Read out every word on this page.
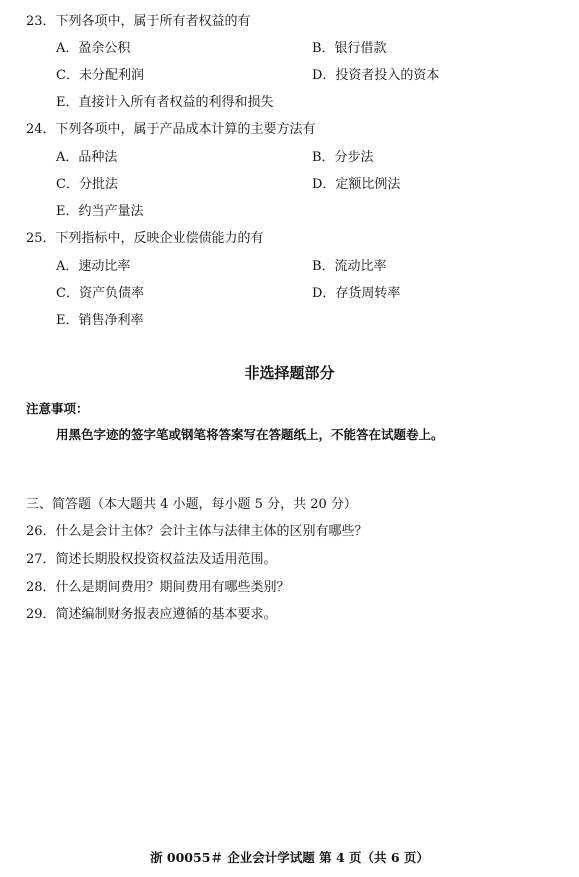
23．下列各项中，属于所有者权益的有
A．盈余公积	B．银行借款
C．未分配利润	D．投资者投入的资本
E．直接计入所有者权益的利得和损失
24．下列各项中，属于产品成本计算的主要方法有
A．品种法	B．分步法
C．分批法	D．定额比例法
E．约当产量法
25．下列指标中，反映企业偿债能力的有
A．速动比率	B．流动比率
C．资产负债率	D．存货周转率
E．销售净利率
非选择题部分
注意事项：
用黑色字迹的签字笔或钢笔将答案写在答题纸上，不能答在试题卷上。
三、简答题（本大题共 4 小题，每小题 5 分，共 20 分）
26．什么是会计主体？会计主体与法律主体的区别有哪些？
27．简述长期股权投资权益法及适用范围。
28．什么是期间费用？期间费用有哪些类别？
29．简述编制财务报表应遵循的基本要求。
浙 00055＃ 企业会计学试题 第 4 页（共 6 页）
